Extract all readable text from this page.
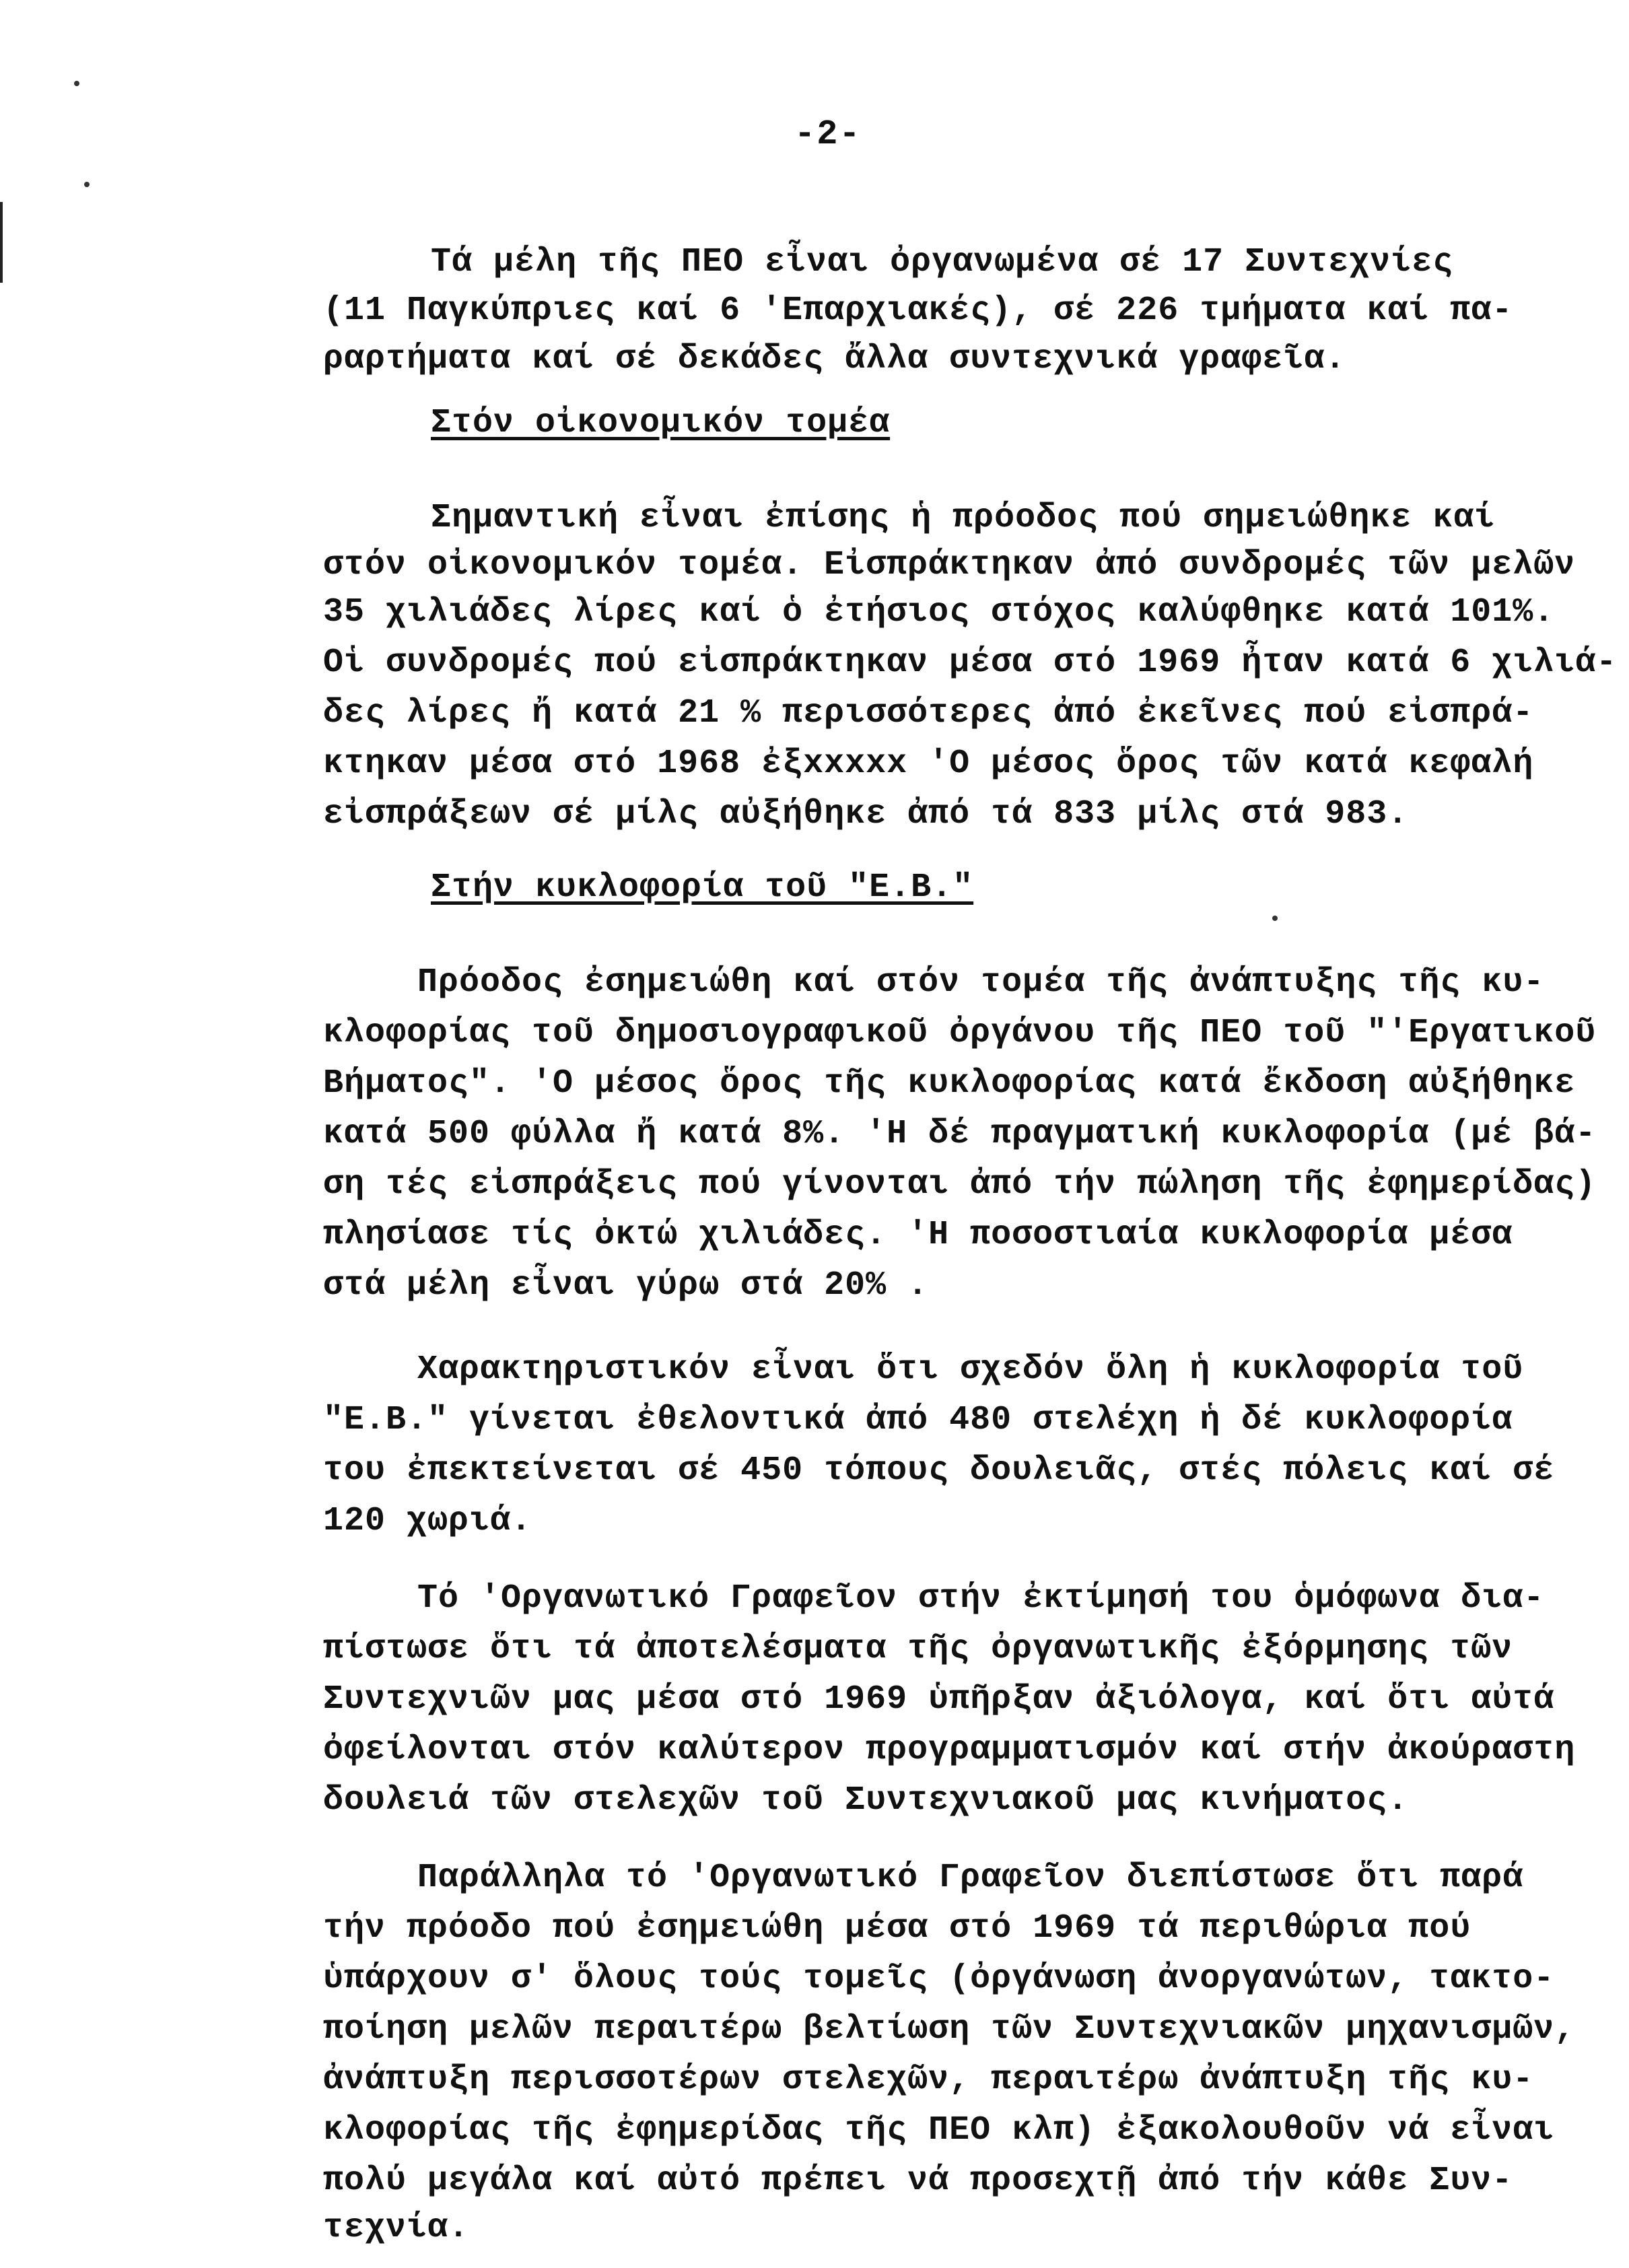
-2-
Τά μέλη τῆς ΠΕΟ εἶναι ὀργανωμένα σέ 17 Συντεχνίες
(11 Παγκύπριες καί 6 'Επαρχιακές), σέ 226 τμήματα καί πα-
ραρτήματα καί σέ δεκάδες ἄλλα συντεχνικά γραφεῖα.
Στόν οἰκονομικόν τομέα
Σημαντική εἶναι ἐπίσης ἡ πρόοδος πού σημειώθηκε καί
στόν οἰκονομικόν τομέα. Εἰσπράκτηκαν ἀπό συνδρομές τῶν μελῶν
35 χιλιάδες λίρες καί ὁ ἐτήσιος στόχος καλύφθηκε κατά 101%.
Οἱ συνδρομές πού εἰσπράκτηκαν μέσα στό 1969 ἦταν κατά 6 χιλιά-
δες λίρες ἤ κατά 21 % περισσότερες ἀπό ἐκεῖνες πού εἰσπρά-
κτηκαν μέσα στό 1968 ἐξxxxxx 'Ο μέσος ὅρος τῶν κατά κεφαλή
εἰσπράξεων σέ μίλς αὐξήθηκε ἀπό τά 833 μίλς στά 983.
Στήν κυκλοφορία τοῦ "Ε.Β."
Πρόοδος ἐσημειώθη καί στόν τομέα τῆς ἀνάπτυξης τῆς κυ-
κλοφορίας τοῦ δημοσιογραφικοῦ ὀργάνου τῆς ΠΕΟ τοῦ "'Εργατικοῦ
Βήματος". 'Ο μέσος ὅρος τῆς κυκλοφορίας κατά ἔκδοση αὐξήθηκε
κατά 500 φύλλα ἤ κατά 8%. 'Η δέ πραγματική κυκλοφορία (μέ βά-
ση τές εἰσπράξεις πού γίνονται ἀπό τήν πώληση τῆς ἐφημερίδας)
πλησίασε τίς ὀκτώ χιλιάδες. 'Η ποσοστιαία κυκλοφορία μέσα
στά μέλη εἶναι γύρω στά 20% .
Χαρακτηριστικόν εἶναι ὅτι σχεδόν ὅλη ἡ κυκλοφορία τοῦ
"Ε.Β." γίνεται ἐθελοντικά ἀπό 480 στελέχη ἡ δέ κυκλοφορία
του ἐπεκτείνεται σέ 450 τόπους δουλειᾶς, στές πόλεις καί σέ
120 χωριά.
Τό 'Οργανωτικό Γραφεῖον στήν ἐκτίμησή του ὁμόφωνα δια-
πίστωσε ὅτι τά ἀποτελέσματα τῆς ὀργανωτικῆς ἐξόρμησης τῶν
Συντεχνιῶν μας μέσα στό 1969 ὑπῆρξαν ἀξιόλογα, καί ὅτι αὐτά
ὀφείλονται στόν καλύτερον προγραμματισμόν καί στήν ἀκούραστη
δουλειά τῶν στελεχῶν τοῦ Συντεχνιακοῦ μας κινήματος.
Παράλληλα τό 'Οργανωτικό Γραφεῖον διεπίστωσε ὅτι παρά
τήν πρόοδο πού ἐσημειώθη μέσα στό 1969 τά περιθώρια πού
ὑπάρχουν σ' ὅλους τούς τομεῖς (ὀργάνωση ἀνοργανώτων, τακτο-
ποίηση μελῶν περαιτέρω βελτίωση τῶν Συντεχνιακῶν μηχανισμῶν,
ἀνάπτυξη περισσοτέρων στελεχῶν, περαιτέρω ἀνάπτυξη τῆς κυ-
κλοφορίας τῆς ἐφημερίδας τῆς ΠΕΟ κλπ) ἐξακολουθοῦν νά εἶναι
πολύ μεγάλα καί αὐτό πρέπει νά προσεχτῇ ἀπό τήν κάθε Συν-
τεχνία.
